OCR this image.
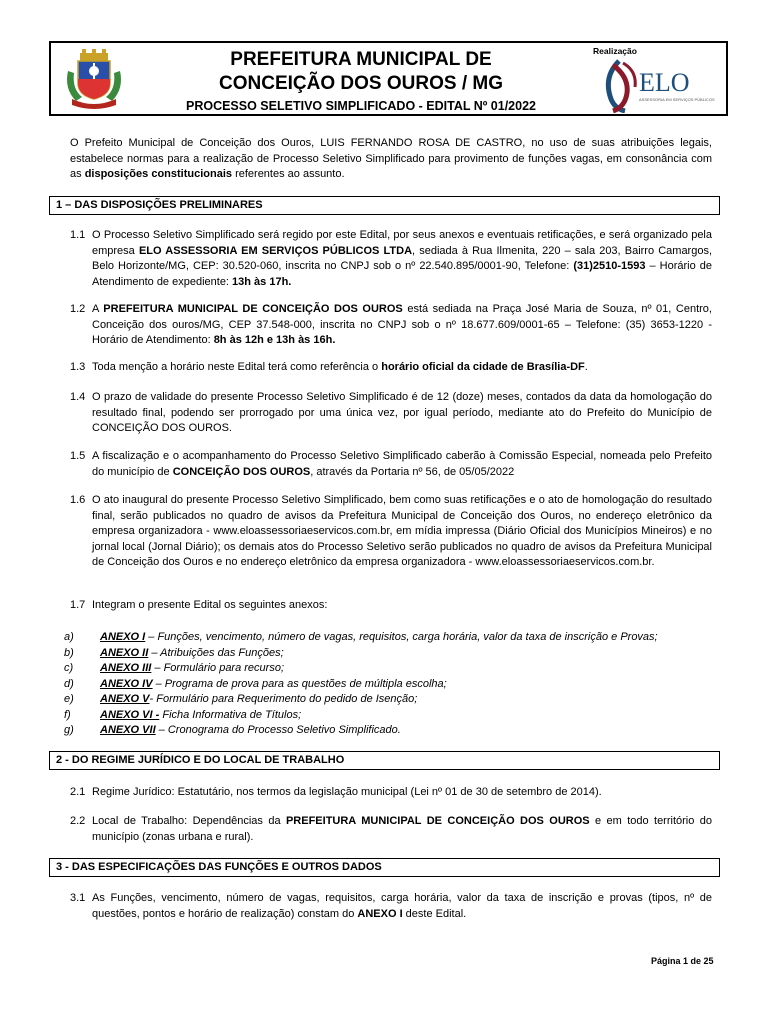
PREFEITURA MUNICIPAL DE
CONCEIÇÃO DOS OUROS / MG
PROCESSO SELETIVO SIMPLIFICADO - EDITAL Nº 01/2022
Realização
ELO
ASSESSORIA EM SERVIÇOS PÚBLICOS
O Prefeito Municipal de Conceição dos Ouros, LUIS FERNANDO ROSA DE CASTRO, no uso de suas atribuições legais, estabelece normas para a realização de Processo Seletivo Simplificado para provimento de funções vagas, em consonância com as disposições constitucionais referentes ao assunto.
1 – DAS DISPOSIÇÕES PRELIMINARES
1.1 O Processo Seletivo Simplificado será regido por este Edital, por seus anexos e eventuais retificações, e será organizado pela empresa ELO ASSESSORIA EM SERVIÇOS PÚBLICOS LTDA, sediada à Rua Ilmenita, 220 – sala 203, Bairro Camargos, Belo Horizonte/MG, CEP: 30.520-060, inscrita no CNPJ sob o nº 22.540.895/0001-90, Telefone: (31)2510-1593 – Horário de Atendimento de expediente: 13h às 17h.
1.2 A PREFEITURA MUNICIPAL DE CONCEIÇÃO DOS OUROS está sediada na Praça José Maria de Souza, nº 01, Centro, Conceição dos ouros/MG, CEP 37.548-000, inscrita no CNPJ sob o nº 18.677.609/0001-65 – Telefone: (35) 3653-1220 - Horário de Atendimento: 8h às 12h e 13h às 16h.
1.3 Toda menção a horário neste Edital terá como referência o horário oficial da cidade de Brasília-DF.
1.4 O prazo de validade do presente Processo Seletivo Simplificado é de 12 (doze) meses, contados da data da homologação do resultado final, podendo ser prorrogado por uma única vez, por igual período, mediante ato do Prefeito do Município de CONCEIÇÃO DOS OUROS.
1.5 A fiscalização e o acompanhamento do Processo Seletivo Simplificado caberão à Comissão Especial, nomeada pelo Prefeito do município de CONCEIÇÃO DOS OUROS, através da Portaria nº 56, de 05/05/2022
1.6 O ato inaugural do presente Processo Seletivo Simplificado, bem como suas retificações e o ato de homologação do resultado final, serão publicados no quadro de avisos da Prefeitura Municipal de Conceição dos Ouros, no endereço eletrônico da empresa organizadora - www.eloassessoriaeservicos.com.br, em mídia impressa (Diário Oficial dos Municípios Mineiros) e no jornal local (Jornal Diário); os demais atos do Processo Seletivo serão publicados no quadro de avisos da Prefeitura Municipal de Conceição dos Ouros e no endereço eletrônico da empresa organizadora - www.eloassessoriaeservicos.com.br.
1.7 Integram o presente Edital os seguintes anexos:
a) ANEXO I – Funções, vencimento, número de vagas, requisitos, carga horária, valor da taxa de inscrição e Provas;
b) ANEXO II – Atribuições das Funções;
c) ANEXO III – Formulário para recurso;
d) ANEXO IV – Programa de prova para as questões de múltipla escolha;
e) ANEXO V- Formulário para Requerimento do pedido de Isenção;
f)	ANEXO VI - Ficha Informativa de Títulos;
g) ANEXO VII – Cronograma do Processo Seletivo Simplificado.
2 - DO REGIME JURÍDICO E DO LOCAL DE TRABALHO
2.1 Regime Jurídico: Estatutário, nos termos da legislação municipal (Lei nº 01 de 30 de setembro de 2014).
2.2 Local de Trabalho: Dependências da PREFEITURA MUNICIPAL DE CONCEIÇÃO DOS OUROS e em todo território do município (zonas urbana e rural).
3 - DAS ESPECIFICAÇÕES DAS FUNÇÕES E OUTROS DADOS
3.1 As Funções, vencimento, número de vagas, requisitos, carga horária, valor da taxa de inscrição e provas (tipos, nº de questões, pontos e horário de realização) constam do ANEXO I deste Edital.
Página 1 de 25
